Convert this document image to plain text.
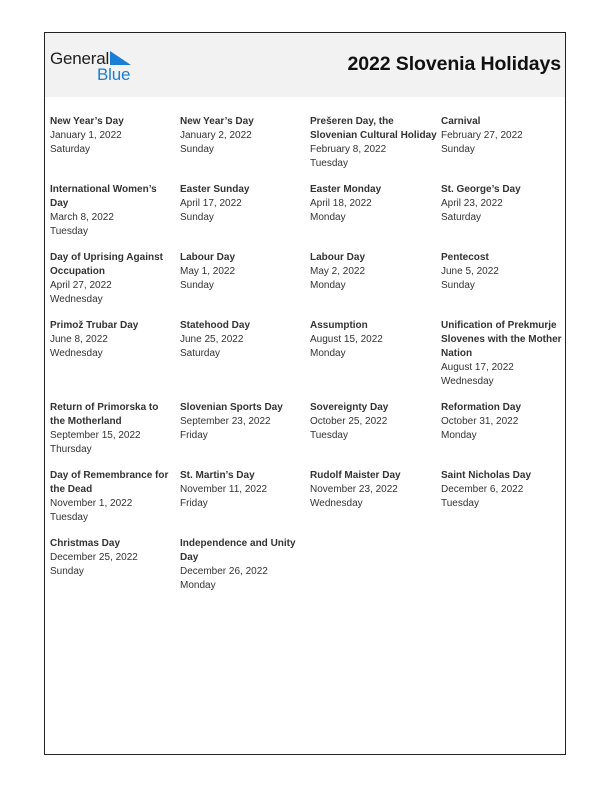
General
Blue	2022 Slovenia Holidays
New Year’s Day
January 1, 2022
Saturday
New Year’s Day
January 2, 2022
Sunday
Prešeren Day, the Slovenian Cultural Holiday
February 8, 2022
Tuesday
Carnival
February 27, 2022
Sunday
International Women’s Day
March 8, 2022
Tuesday
Easter Sunday
April 17, 2022
Sunday
Easter Monday
April 18, 2022
Monday
St. George’s Day
April 23, 2022
Saturday
Day of Uprising Against Occupation
April 27, 2022
Wednesday
Labour Day
May 1, 2022
Sunday
Labour Day
May 2, 2022
Monday
Pentecost
June 5, 2022
Sunday
Primož Trubar Day
June 8, 2022
Wednesday
Statehood Day
June 25, 2022
Saturday
Assumption
August 15, 2022
Monday
Unification of Prekmurje Slovenes with the Mother Nation
August 17, 2022
Wednesday
Return of Primorska to the Motherland
September 15, 2022
Thursday
Slovenian Sports Day
September 23, 2022
Friday
Sovereignty Day
October 25, 2022
Tuesday
Reformation Day
October 31, 2022
Monday
Day of Remembrance for the Dead
November 1, 2022
Tuesday
St. Martin’s Day
November 11, 2022
Friday
Rudolf Maister Day
November 23, 2022
Wednesday
Saint Nicholas Day
December 6, 2022
Tuesday
Christmas Day
December 25, 2022
Sunday
Independence and Unity Day
December 26, 2022
Monday
